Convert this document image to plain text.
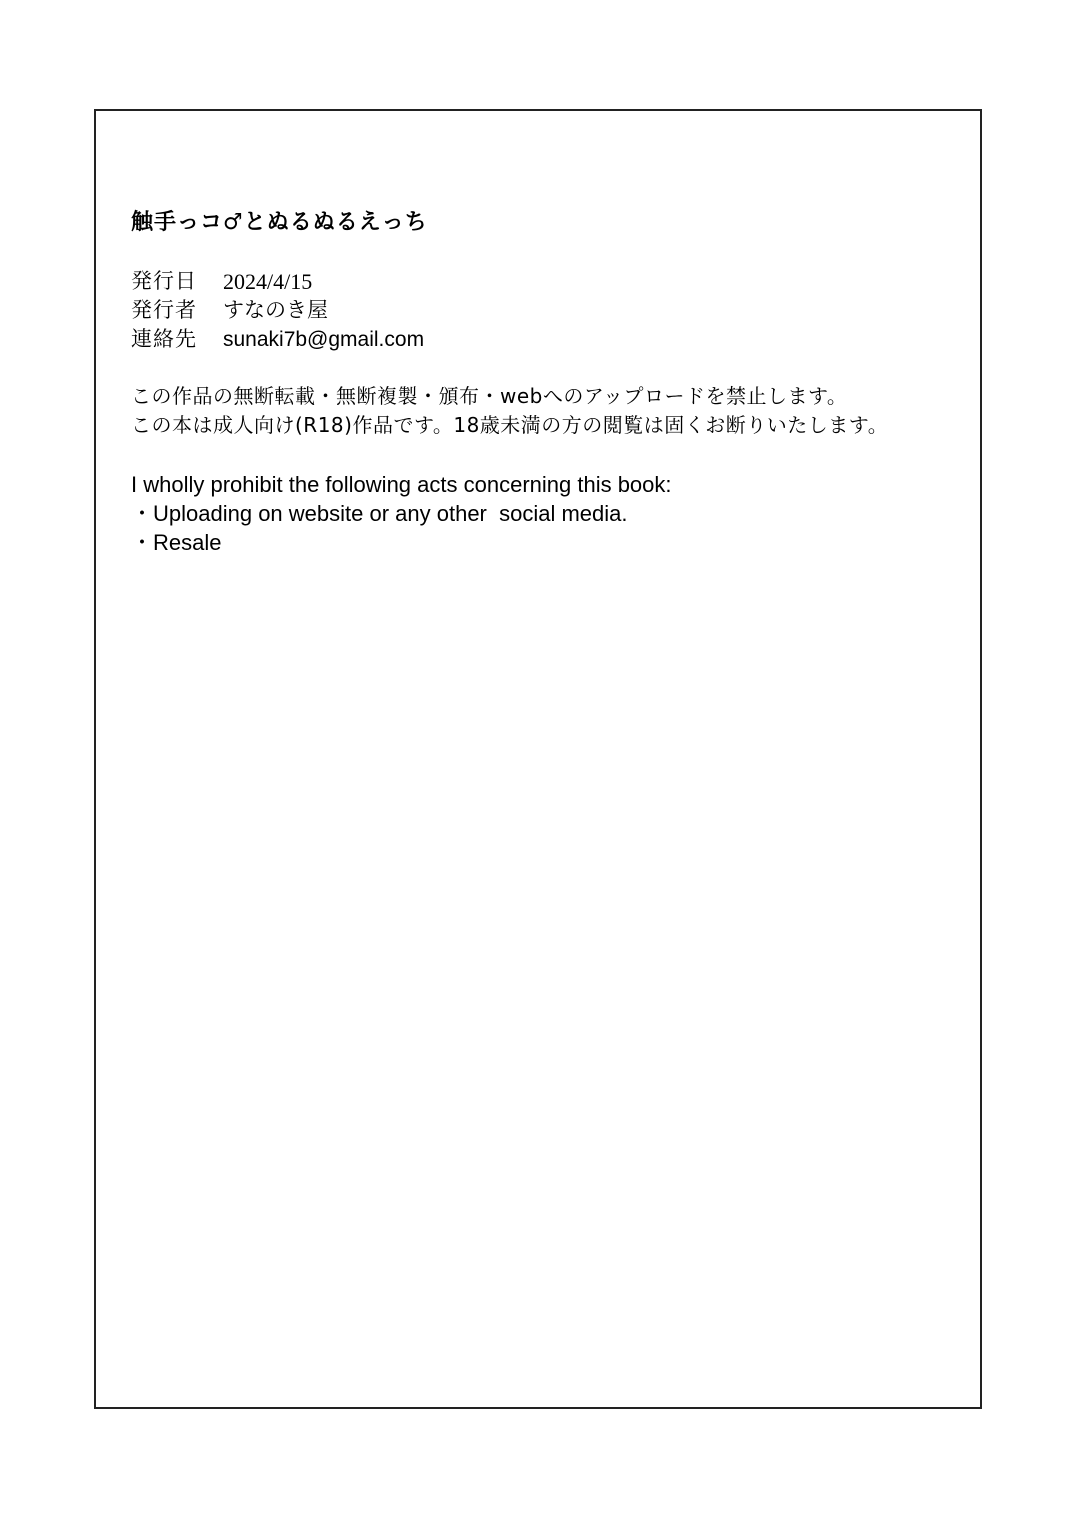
触手っコ♂とぬるぬるえっち
発行日	2024/4/15
発行者	すなのき屋
連絡先	sunaki7b@gmail.com
この作品の無断転載・無断複製・頒布・webへのアップロードを禁止します。
この本は成人向け(R18)作品です。18歳未満の方の閲覧は固くお断りいたします。
I wholly prohibit the following acts concerning this book:
・Uploading on website or any other  social media.
・Resale
